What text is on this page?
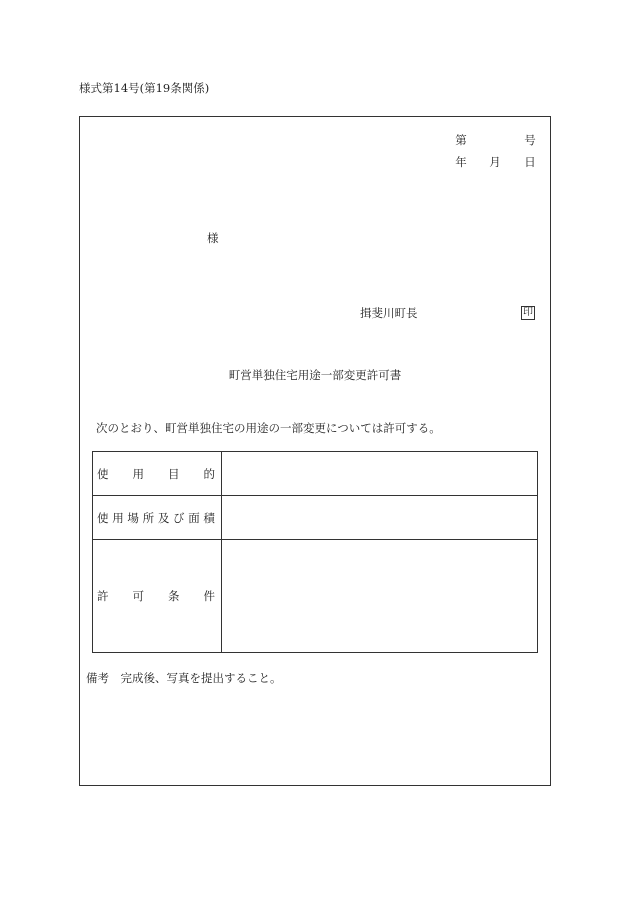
様式第14号(第19条関係)
第	号
年 月 日
様
揖斐川町長	印
町営単独住宅用途一部変更許可書
次のとおり、町営単独住宅の用途の一部変更については許可する。
使 用 目 的
使 用 場 所 及 び 面 積
許 可 条 件
備考　完成後、写真を提出すること。
